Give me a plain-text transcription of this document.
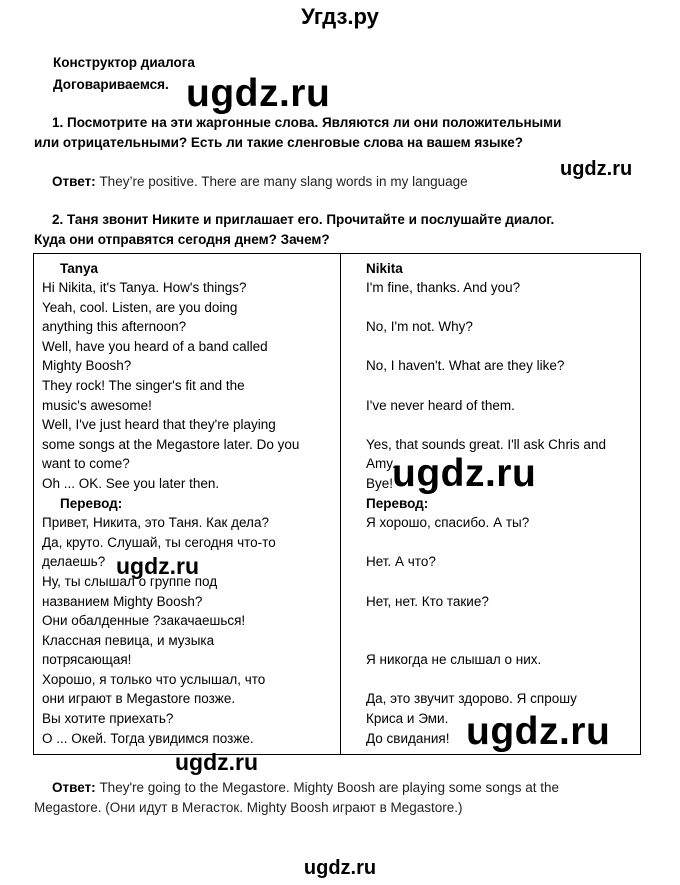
Угдз.ру
Конструктор диалога
Договариваемся. ugdz.ru
1. Посмотрите на эти жаргонные слова. Являются ли они положительными
или отрицательными? Есть ли такие сленговые слова на вашем языке?
ugdz.ru
Ответ: They’re positive. There are many slang words in my language
2. Таня звонит Никите и приглашает его. Прочитайте и послушайте диалог.
Куда они отправятся сегодня днем? Зачем?
Tanya	Nikita
Hi Nikita, it's Tanya. How's things?
Yeah, cool. Listen, are you doing
anything this afternoon?
Well, have you heard of a band called
Mighty Boosh?
They rock! The singer's fit and the
music's awesome!
Well, I've just heard that they're playing
some songs at the Megastore later. Do you
want to come?
Oh ... OK. See you later then.
Перевод:
Привет, Никита, это Таня. Как дела?
Да, круто. Слушай, ты сегодня что-то
делаешь?
Ну, ты слышал о группе под
названием Mighty Boosh?
Они обалденные ?закачаешься!
Классная певица, и музыка
потрясающая!
Хорошо, я только что услышал, что
они играют в Megastore позже.
Вы хотите приехать?
О ... Окей. Тогда увидимся позже.
I'm fine, thanks. And you?

No, I'm not. Why?

No, I haven't. What are they like?

I've never heard of them.

Yes, that sounds great. I'll ask Chris and
Amy.
Bye!
Перевод:
Я хорошо, спасибо. А ты?

Нет. А что?

Нет, нет. Кто такие?

Я никогда не слышал о них.

Да, это звучит здорово. Я спрошу
Криса и Эми.
До свидания!
ugdz.ru
ugdz.ru
ugdz.ru
ugdz.ru
Ответ: They're going to the Megastore. Mighty Boosh are playing some songs at the
Megastore. (Они идут в Мегасток. Mighty Boosh играют в Megastore.)
ugdz.ru
